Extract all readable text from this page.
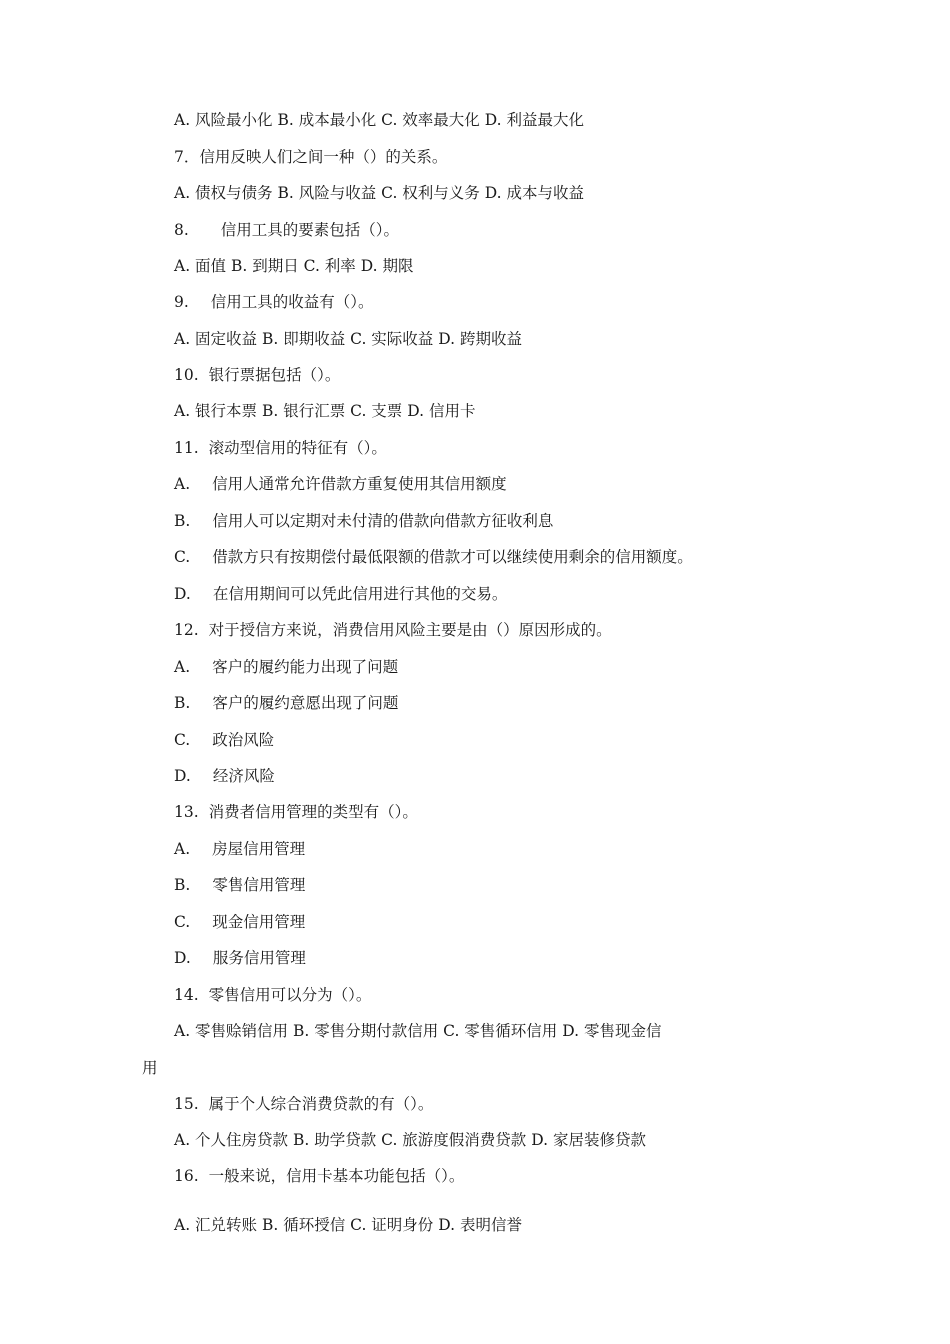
A. 风险最小化 B. 成本最小化 C. 效率最大化 D. 利益最大化
7．信用反映人们之间一种（）的关系。
A. 债权与债务 B. 风险与收益 C. 权利与义务 D. 成本与收益
8. 信用工具的要素包括（）。
A. 面值 B. 到期日 C. 利率 D. 期限
9. 信用工具的收益有（）。
A. 固定收益 B. 即期收益 C. 实际收益 D. 跨期收益
10. 银行票据包括（）。
A. 银行本票 B. 银行汇票 C. 支票 D. 信用卡
11. 滚动型信用的特征有（）。
A. 信用人通常允许借款方重复使用其信用额度
B. 信用人可以定期对未付清的借款向借款方征收利息
C. 借款方只有按期偿付最低限额的借款才可以继续使用剩余的信用额度。
D. 在信用期间可以凭此信用进行其他的交易。
12. 对于授信方来说，消费信用风险主要是由（）原因形成的。
A. 客户的履约能力出现了问题
B. 客户的履约意愿出现了问题
C. 政治风险
D. 经济风险
13. 消费者信用管理的类型有（）。
A. 房屋信用管理
B. 零售信用管理
C. 现金信用管理
D. 服务信用管理
14. 零售信用可以分为（）。
A. 零售赊销信用 B. 零售分期付款信用 C. 零售循环信用 D. 零售现金信
用
15. 属于个人综合消费贷款的有（）。
A. 个人住房贷款 B. 助学贷款 C. 旅游度假消费贷款 D. 家居装修贷款
16. 一般来说，信用卡基本功能包括（）。
A. 汇兑转账 B. 循环授信 C. 证明身份 D. 表明信誉
